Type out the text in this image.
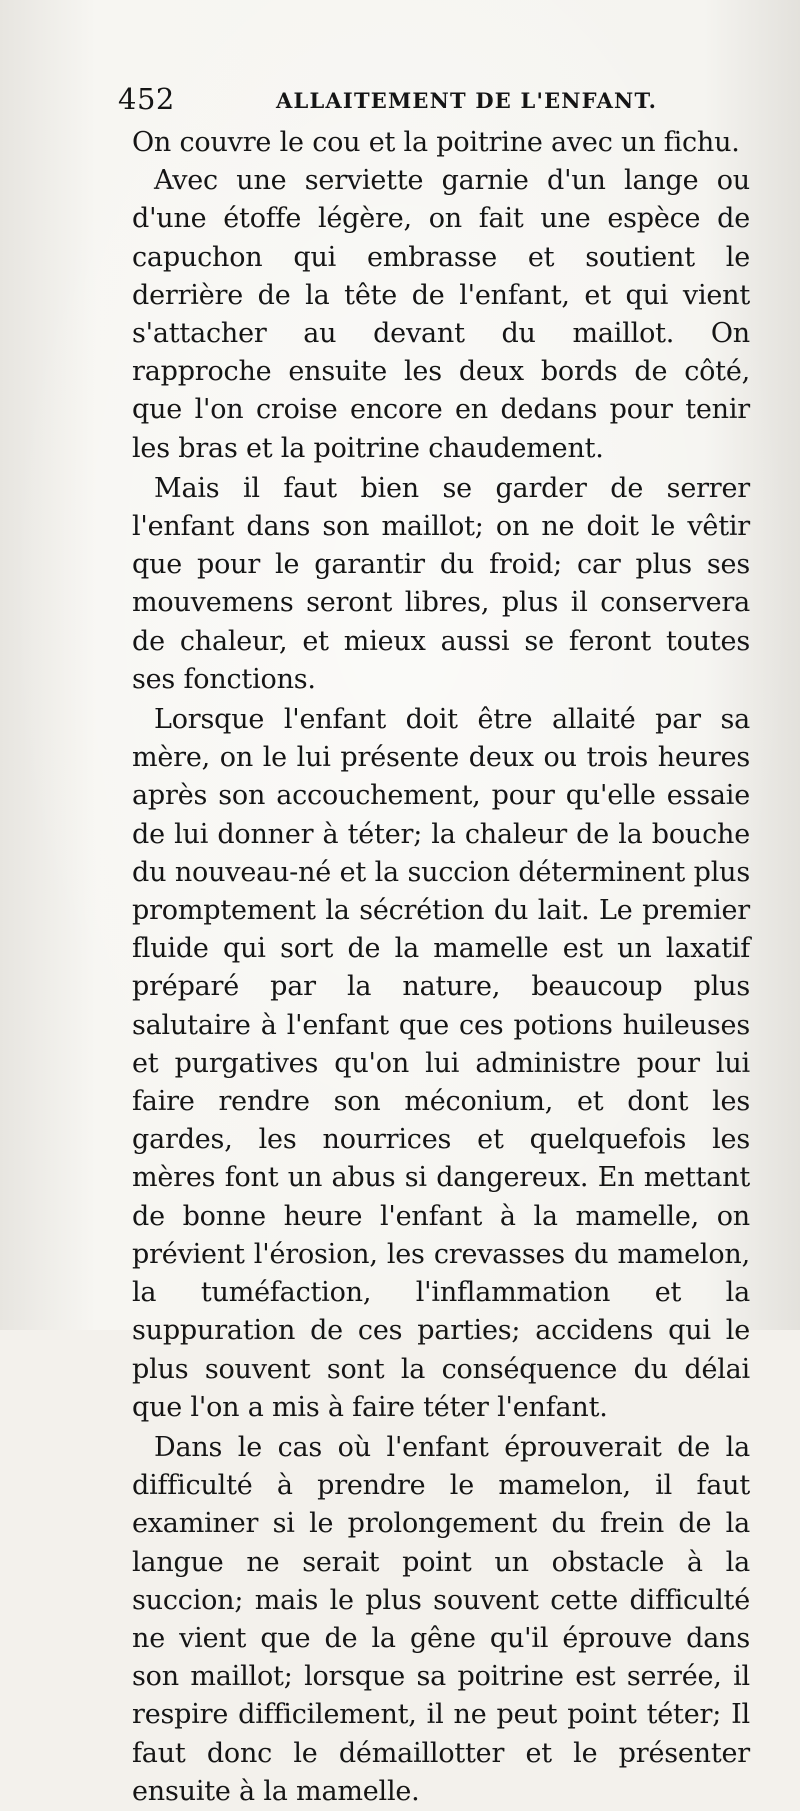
452	ALLAITEMENT DE L'ENFANT.

On couvre le cou et la poitrine avec un fichu.

Avec une serviette garnie d'un lange ou d'une étoffe légère, on fait une espèce de capuchon qui embrasse et soutient le derrière de la tête de l'enfant, et qui vient s'attacher au devant du maillot. On rapproche ensuite les deux bords de côté, que l'on croise encore en dedans pour tenir les bras et la poitrine chaudement.

Mais il faut bien se garder de serrer l'enfant dans son maillot; on ne doit le vêtir que pour le garantir du froid; car plus ses mouvemens seront libres, plus il conservera de chaleur, et mieux aussi se feront toutes ses fonctions.

Lorsque l'enfant doit être allaité par sa mère, on le lui présente deux ou trois heures après son accouchement, pour qu'elle essaie de lui donner à téter; la chaleur de la bouche du nouveau-né et la succion déterminent plus promptement la sécrétion du lait. Le premier fluide qui sort de la mamelle est un laxatif préparé par la nature, beaucoup plus salutaire à l'enfant que ces potions huileuses et purgatives qu'on lui administre pour lui faire rendre son méconium, et dont les gardes, les nourrices et quelquefois les mères font un abus si dangereux. En mettant de bonne heure l'enfant à la mamelle, on prévient l'érosion, les crevasses du mamelon, la tuméfaction, l'inflammation et la suppuration de ces parties; accidens qui le plus souvent sont la conséquence du délai que l'on a mis à faire téter l'enfant.

Dans le cas où l'enfant éprouverait de la difficulté à prendre le mamelon, il faut examiner si le prolongement du frein de la langue ne serait point un obstacle à la succion; mais le plus souvent cette difficulté ne vient que de la gêne qu'il éprouve dans son maillot; lorsque sa poitrine est serrée, il respire difficilement, il ne peut point téter; Il faut donc le démaillotter et le présenter ensuite à la mamelle.
